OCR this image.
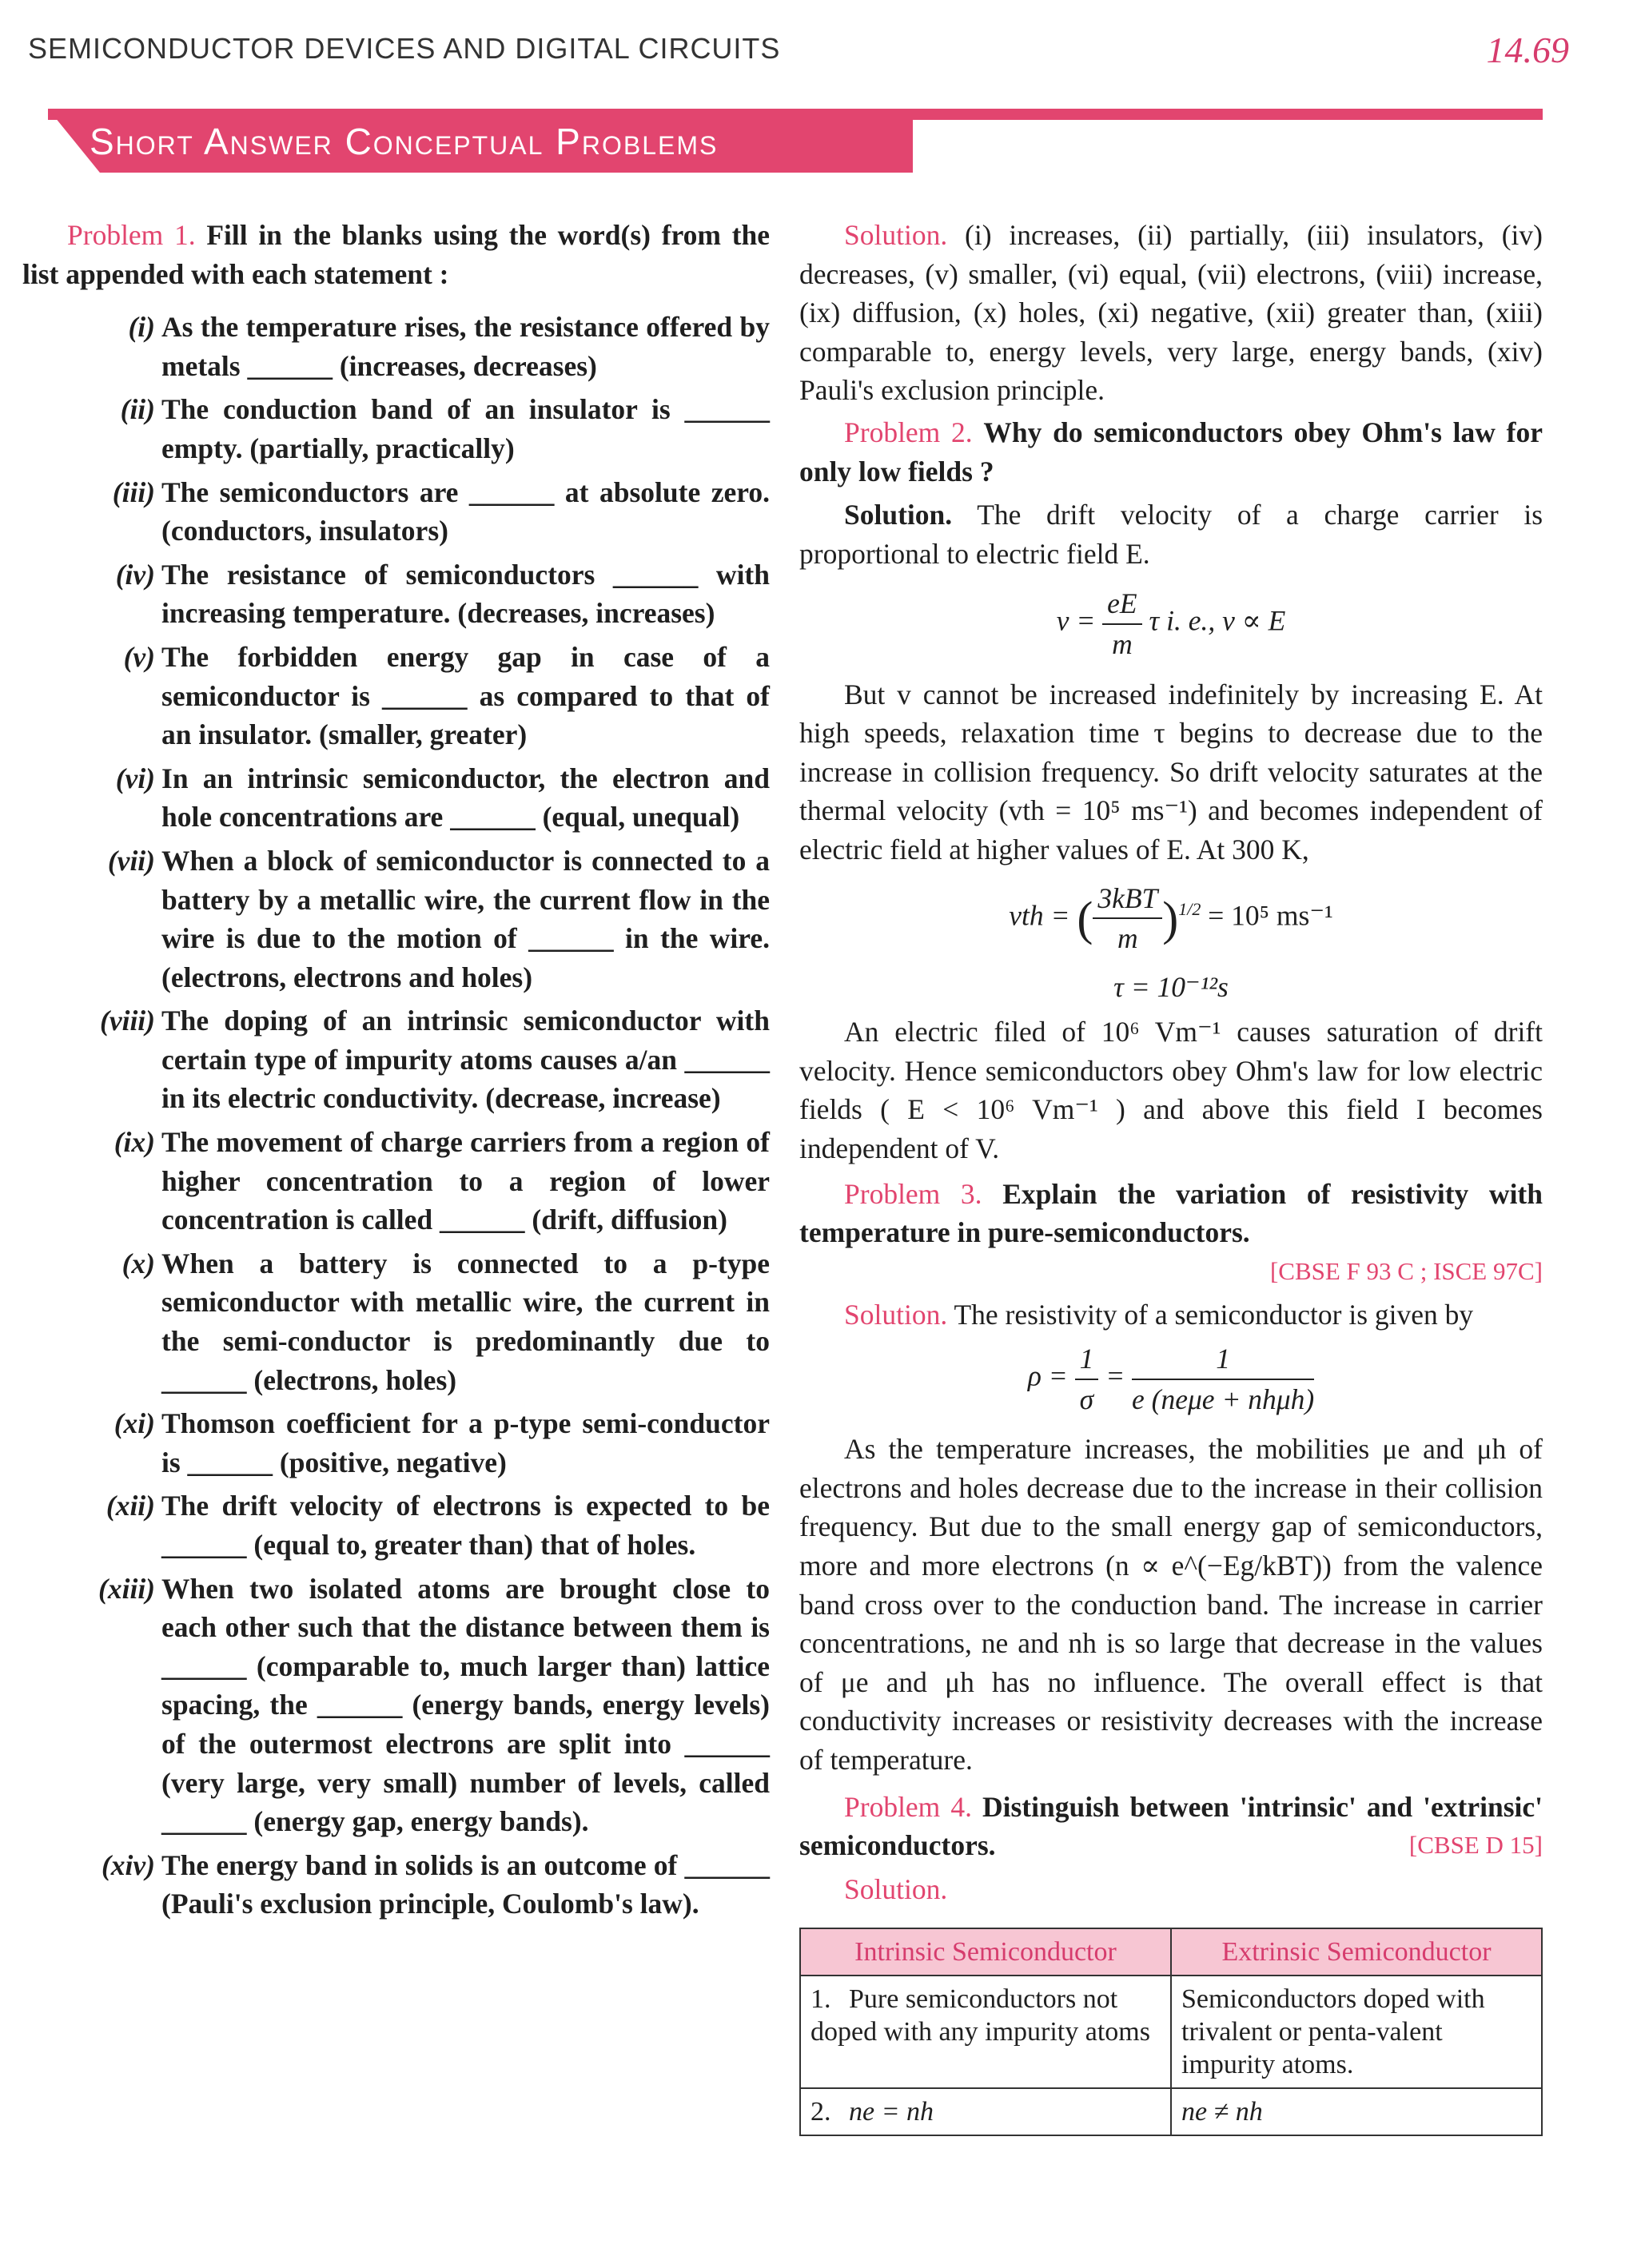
SEMICONDUCTOR DEVICES AND DIGITAL CIRCUITS	14.69
Short Answer Conceptual Problems

Problem 1. Fill in the blanks using the word(s) from the list appended with each statement :

(i) As the temperature rises, the resistance offered by metals ______ (increases, decreases)
(ii) The conduction band of an insulator is ______ empty. (partially, practically)
(iii) The semiconductors are ______ at absolute zero. (conductors, insulators)
(iv) The resistance of semiconductors ______ with increasing temperature. (decreases, increases)
(v) The forbidden energy gap in case of a semiconductor is ______ as compared to that of an insulator. (smaller, greater)
(vi) In an intrinsic semiconductor, the electron and hole concentrations are ______ (equal, unequal)
(vii) When a block of semiconductor is connected to a battery by a metallic wire, the current flow in the wire is due to the motion of ______ in the wire. (electrons, electrons and holes)
(viii) The doping of an intrinsic semiconductor with certain type of impurity atoms causes a/an ______ in its electric conductivity. (decrease, increase)
(ix) The movement of charge carriers from a region of higher concentration to a region of lower concentration is called ______ (drift, diffusion)
(x) When a battery is connected to a p-type semiconductor with metallic wire, the current in the semi-conductor is predominantly due to ______ (electrons, holes)
(xi) Thomson coefficient for a p-type semi-conductor is ______ (positive, negative)
(xii) The drift velocity of electrons is expected to be ______ (equal to, greater than) that of holes.
(xiii) When two isolated atoms are brought close to each other such that the distance between them is ______ (comparable to, much larger than) lattice spacing, the ______ (energy bands, energy levels) of the outermost electrons are split into ______ (very large, very small) number of levels, called ______ (energy gap, energy bands).
(xiv) The energy band in solids is an outcome of ______ (Pauli's exclusion principle, Coulomb's law).

Solution. (i) increases, (ii) partially, (iii) insulators, (iv) decreases, (v) smaller, (vi) equal, (vii) electrons, (viii) increase, (ix) diffusion, (x) holes, (xi) negative, (xii) greater than, (xiii) comparable to, energy levels, very large, energy bands, (xiv) Pauli's exclusion principle.

Problem 2. Why do semiconductors obey Ohm's law for only low fields ?

Solution. The drift velocity of a charge carrier is proportional to electric field E.

$v = \frac{eE}{m}$ τ i. e., v ∝ E

But v cannot be increased indefinitely by increasing E. At high speeds, relaxation time τ begins to decrease due to the increase in collision frequency. So drift velocity saturates at the thermal velocity (vth = 10⁵ ms⁻¹) and becomes independent of electric field at higher values of E. At 300 K,

vth = ( $\frac{\text{3kBT}}{m} )^{1/2} = 10^5$ ms⁻¹
τ = 10⁻¹²s

An electric filed of 10⁶ Vm⁻¹ causes saturation of drift velocity. Hence semiconductors obey Ohm's law for low electric fields ( E < 10⁶ Vm⁻¹ ) and above this field I becomes independent of V.

Problem 3. Explain the variation of resistivity with temperature in pure-semiconductors.

[CBSE F 93 C ; ISCE 97C]

Solution. The resistivity of a semiconductor is given by

$\rho = \frac{1}{\sigma} = \frac{1}{\text{e (neμe + nhμh)}}$

As the temperature increases, the mobilities μe and μh of electrons and holes decrease due to the increase in their collision frequency. But due to the small energy gap of semiconductors, more and more electrons (n ∝ e^(−Eg/kBT)) from the valence band cross over to the conduction band. The increase in carrier concentrations, ne and nh is so large that decrease in the values of μe and μh has no influence. The overall effect is that conductivity increases or resistivity decreases with the increase of temperature.

Problem 4. Distinguish between 'intrinsic' and 'extrinsic' semiconductors.	[CBSE D 15]

Solution.

Intrinsic Semiconductor	Extrinsic Semiconductor
1. Pure semiconductors not doped with any impurity atoms	Semiconductors doped with trivalent or penta-valent impurity atoms.
2. ne = nh	ne ≠ nh
